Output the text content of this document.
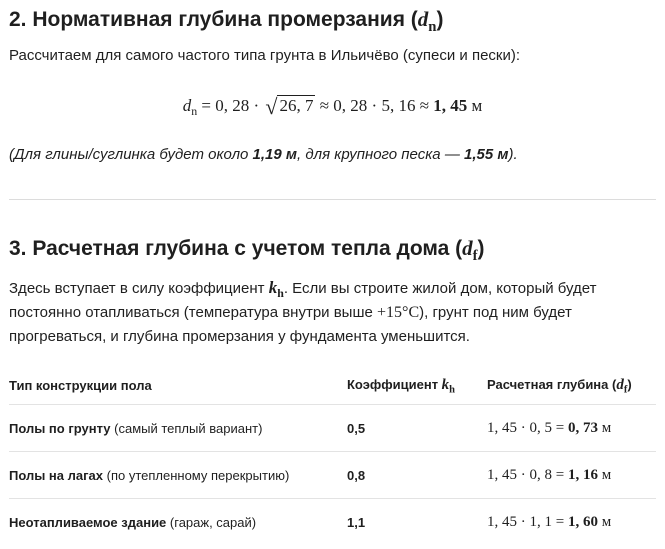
2. Нормативная глубина промерзания $(d_n)$
Рассчитаем для самого частого типа грунта в Ильичёво (супеси и пески):
$d_n = 0$, 28 · √ 26, 7 ≈ 0, 28 · 5, 16 ≈ 1, 45 м
(Для глины/суглинка будет около 1,19 м, для крупного песка — 1,55 м).
3. Расчетная глубина с учетом тепла дома $(d_f)$
Здесь вступает в силу коэффициент $k_h$. Если вы строите жилой дом, который будет
постоянно отапливаться (температура внутри выше +15°C), грунт под ним будет
прогреваться, и глубина промерзания у фундамента уменьшится.
Тип конструкции пола	Коэффициент $k_h$	Расчетная глубина $(d_f)$
Полы по грунту (самый теплый вариант)	0,5	1, 45 · 0, 5 = 0, 73 м
Полы на лагах (по утепленному перекрытию)	0,8	1, 45 · 0, 8 = 1, 16 м
Неотапливаемое здание (гараж, сарай)	1,1	1, 45 · 1, 1 = 1, 60 м
